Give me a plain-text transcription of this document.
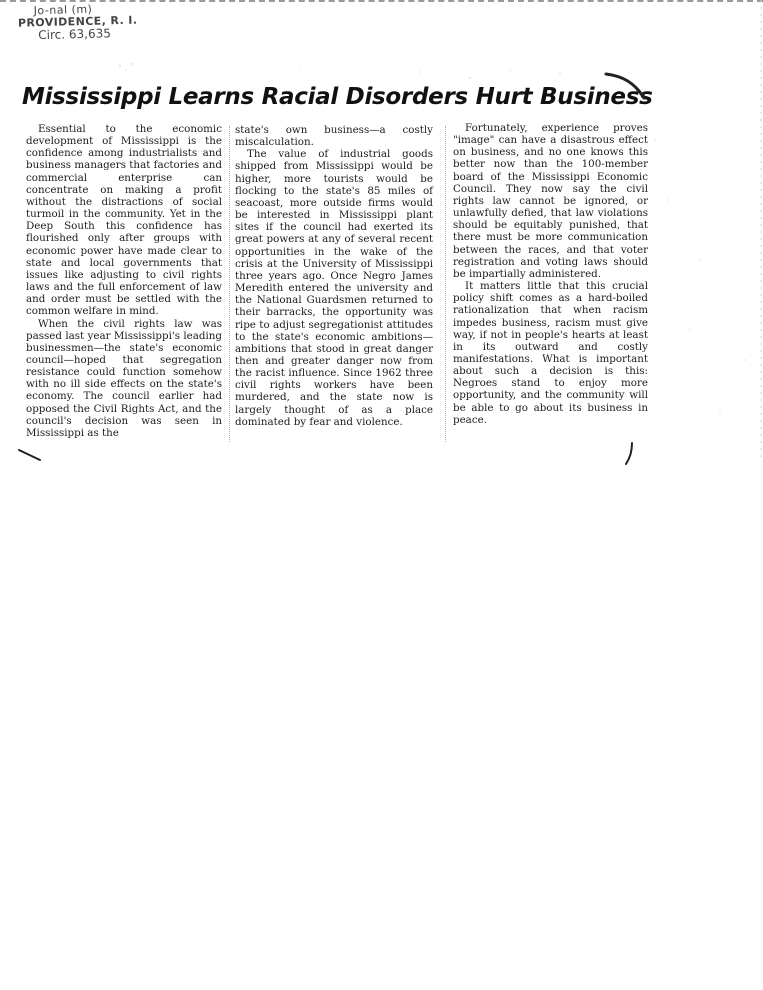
Jo-nal (m)
PROVIDENCE, R. I.
Circ. 63,635
Mississippi Learns Racial Disorders Hurt Business

Essential to the economic development of Mississippi is the confidence among industrialists and business managers that factories and commercial enterprise can concentrate on making a profit without the distractions of social turmoil in the community. Yet in the Deep South this confidence has flourished only after groups with economic power have made clear to state and local governments that issues like adjusting to civil rights laws and the full enforcement of law and order must be settled with the common welfare in mind.

When the civil rights law was passed last year Mississippi's leading businessmen—the state's economic council—hoped that segregation resistance could function somehow with no ill side effects on the state's economy. The council earlier had opposed the Civil Rights Act, and the council's decision was seen in Mississippi as the

state's own business—a costly miscalculation.

The value of industrial goods shipped from Mississippi would be higher, more tourists would be flocking to the state's 85 miles of seacoast, more outside firms would be interested in Mississippi plant sites if the council had exerted its great powers at any of several recent opportunities in the wake of the crisis at the University of Mississippi three years ago. Once Negro James Meredith entered the university and the National Guardsmen returned to their barracks, the opportunity was ripe to adjust segregationist attitudes to the state's economic ambitions—ambitions that stood in great danger then and greater danger now from the racist influence. Since 1962 three civil rights workers have been murdered, and the state now is largely thought of as a place dominated by fear and violence.

Fortunately, experience proves "image" can have a disastrous effect on business, and no one knows this better now than the 100-member board of the Mississippi Economic Council. They now say the civil rights law cannot be ignored, or unlawfully defied, that law violations should be equitably punished, that there must be more communication between the races, and that voter registration and voting laws should be impartially administered.

It matters little that this crucial policy shift comes as a hard-boiled rationalization that when racism impedes business, racism must give way, if not in people's hearts at least in its outward and costly manifestations. What is important about such a decision is this: Negroes stand to enjoy more opportunity, and the community will be able to go about its business in peace.
